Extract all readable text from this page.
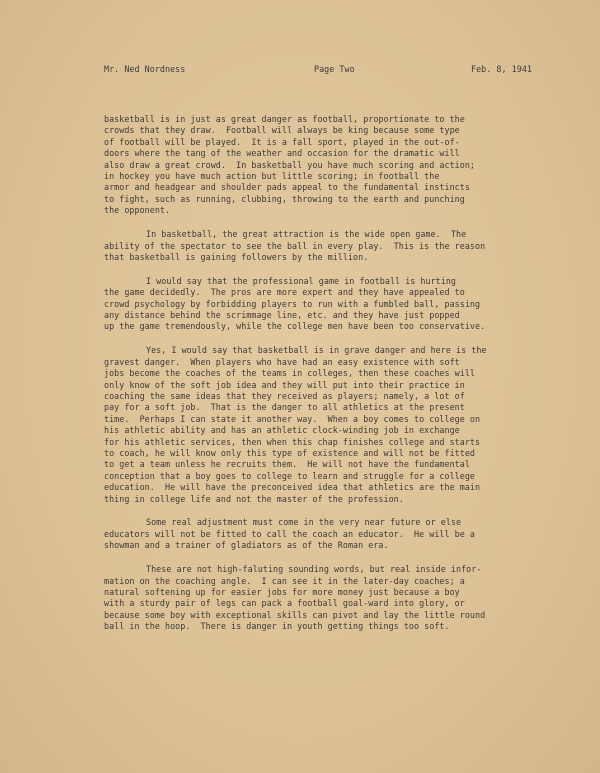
Mr. Ned Nordness	Page Two	Feb. 8, 1941
basketball is in just as great danger as football, proportionate to the
crowds that they draw.  Football will always be king because some type
of football will be played.  It is a fall sport, played in the out-of-
doors where the tang of the weather and occasion for the dramatic will
also draw a great crowd.  In basketball you have much scoring and action;
in hockey you have much action but little scoring; in football the
armor and headgear and shoulder pads appeal to the fundamental instincts
to fight, such as running, clubbing, throwing to the earth and punching
the opponent.
In basketball, the great attraction is the wide open game.  The
ability of the spectator to see the ball in every play.  This is the reason
that basketball is gaining followers by the million.
I would say that the professional game in football is hurting
the game decidedly.  The pros are more expert and they have appealed to
crowd psychology by forbidding players to run with a fumbled ball, passing
any distance behind the scrimmage line, etc. and they have just popped
up the game tremendously, while the college men have been too conservative.
Yes, I would say that basketball is in grave danger and here is the
gravest danger.  When players who have had an easy existence with soft
jobs become the coaches of the teams in colleges, then these coaches will
only know of the soft job idea and they will put into their practice in
coaching the same ideas that they received as players; namely, a lot of
pay for a soft job.  That is the danger to all athletics at the present
time.  Perhaps I can state it another way.  When a boy comes to college on
his athletic ability and has an athletic clock-winding job in exchange
for his athletic services, then when this chap finishes college and starts
to coach, he will know only this type of existence and will not be fitted
to get a team unless he recruits them.  He will not have the fundamental
conception that a boy goes to college to learn and struggle for a college
education.  He will have the preconceived idea that athletics are the main
thing in college life and not the master of the profession.
Some real adjustment must come in the very near future or else
educators will not be fitted to call the coach an educator.  He will be a
showman and a trainer of gladiators as of the Roman era.
These are not high-faluting sounding words, but real inside infor-
mation on the coaching angle.  I can see it in the later-day coaches; a
natural softening up for easier jobs for more money just because a boy
with a sturdy pair of legs can pack a football goal-ward into glory, or
because some boy with exceptional skills can pivot and lay the little round
ball in the hoop.  There is danger in youth getting things too soft.
